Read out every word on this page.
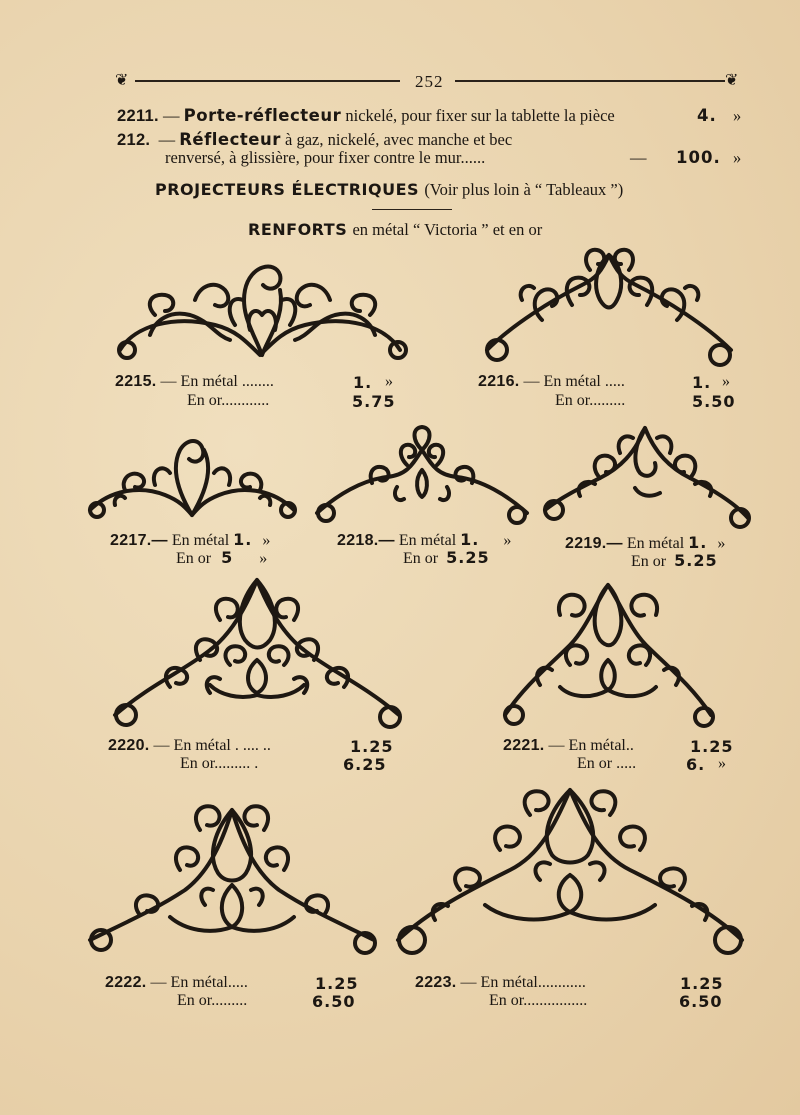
❦	252	❦
2211. — Porte-réflecteur nickelé, pour fixer sur la tablette la pièce	4. »
212. — Réflecteur à gaz, nickelé, avec manche et bec
renversé, à glissière, pour fixer contre le mur......	— 100. »
PROJECTEURS ÉLECTRIQUES (Voir plus loin à “ Tableaux ”)
RENFORTS en métal “ Victoria ” et en or
2215. — En métal ........	1. »
En or............	5.75
2216. — En métal .....	1. »
En or.........	5.50
2217.— En métal 1. »
En or 5 »
2218.— En métal 1. »
En or 5.25
2219.— En métal 1. »
En or 5.25
2220. — En métal . .... ..	1.25
En or......... .	6.25
2221. — En métal..	1.25
En or .....	6. »
2222. — En métal.....	1.25
En or.........	6.50
2223. — En métal............	1.25
En or................	6.50
